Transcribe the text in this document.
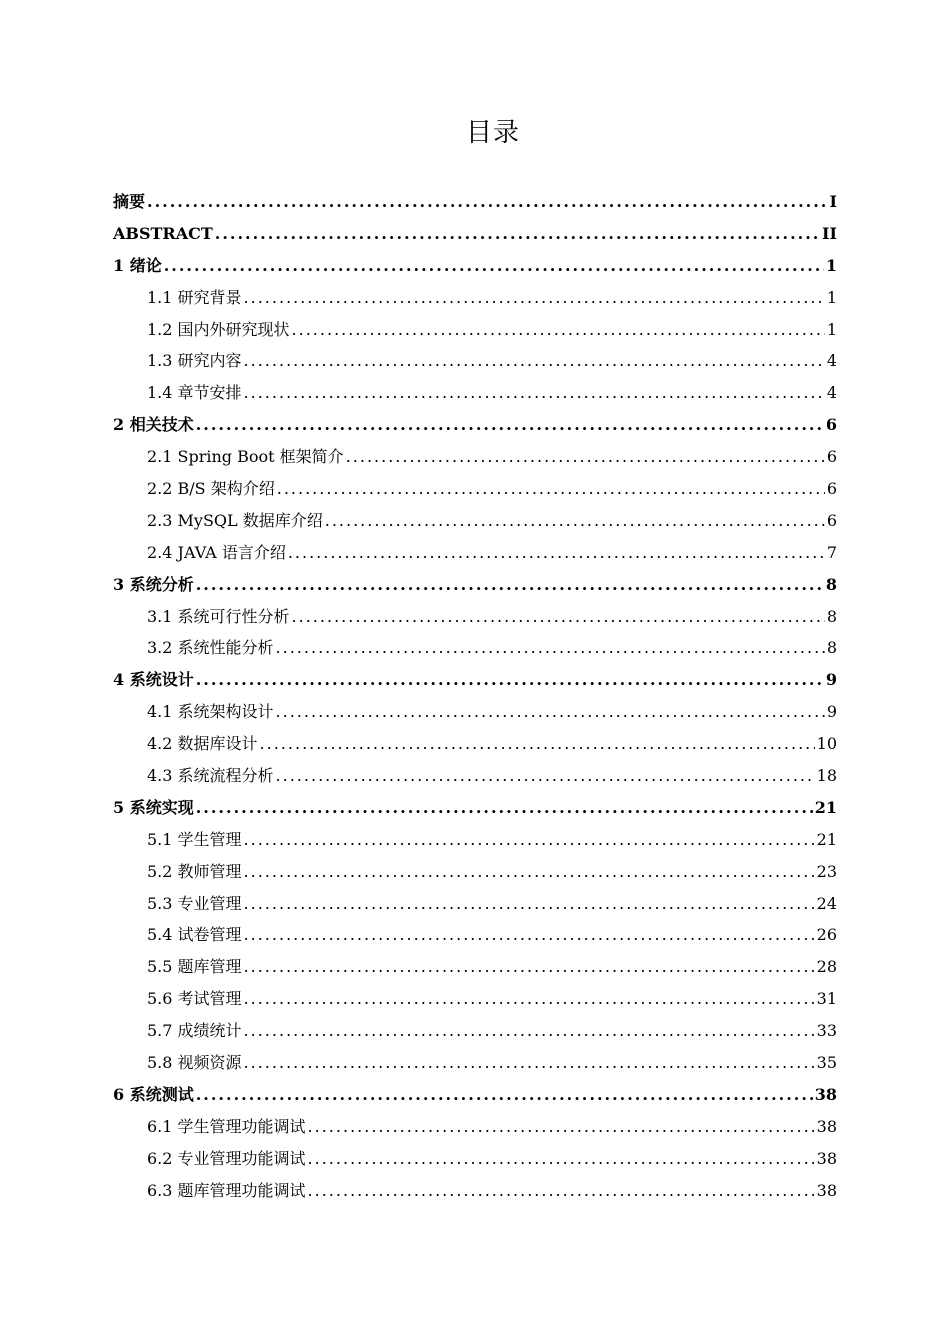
目录
摘要 .....	I
ABSTRACT .....	II
1 绪论 .....	1
1.1 研究背景 .....	1
1.2 国内外研究现状 .....	1
1.3 研究内容 .....	4
1.4 章节安排 .....	4
2 相关技术 .....	6
2.1 Spring Boot 框架简介 .....	6
2.2 B/S 架构介绍 .....	6
2.3 MySQL 数据库介绍 .....	6
2.4 JAVA 语言介绍 .....	7
3 系统分析 .....	8
3.1 系统可行性分析 .....	8
3.2 系统性能分析 .....	8
4 系统设计 .....	9
4.1 系统架构设计 .....	9
4.2 数据库设计 .....	10
4.3 系统流程分析 .....	18
5 系统实现 .....	21
5.1 学生管理 .....	21
5.2 教师管理 .....	23
5.3 专业管理 .....	24
5.4 试卷管理 .....	26
5.5 题库管理 .....	28
5.6 考试管理 .....	31
5.7 成绩统计 .....	33
5.8 视频资源 .....	35
6 系统测试 .....	38
6.1 学生管理功能调试 .....	38
6.2 专业管理功能调试 .....	38
6.3 题库管理功能调试 .....	38
